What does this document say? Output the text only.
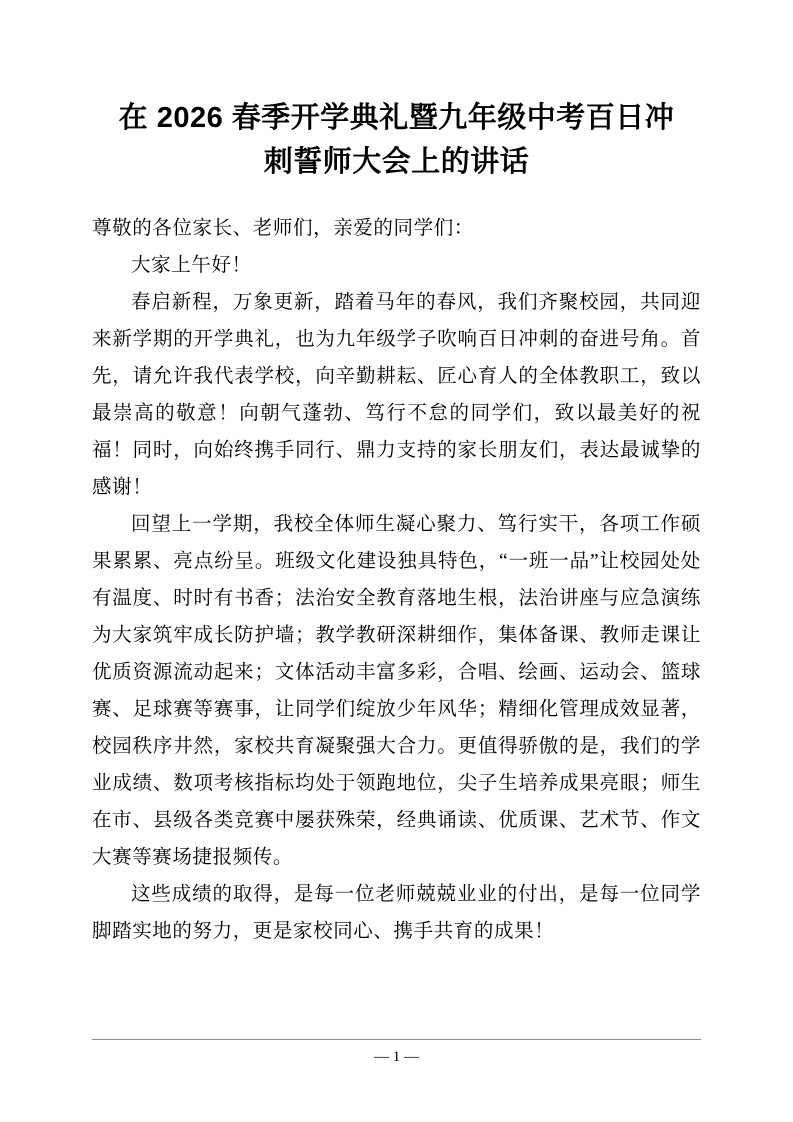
在 2026 春季开学典礼暨九年级中考百日冲刺誓师大会上的讲话

尊敬的各位家长、老师们，亲爱的同学们：

大家上午好！

春启新程，万象更新，踏着马年的春风，我们齐聚校园，共同迎来新学期的开学典礼，也为九年级学子吹响百日冲刺的奋进号角。首先，请允许我代表学校，向辛勤耕耘、匠心育人的全体教职工，致以最崇高的敬意！向朝气蓬勃、笃行不怠的同学们，致以最美好的祝福！同时，向始终携手同行、鼎力支持的家长朋友们，表达最诚挚的感谢！

回望上一学期，我校全体师生凝心聚力、笃行实干，各项工作硕果累累、亮点纷呈。班级文化建设独具特色，“一班一品”让校园处处有温度、时时有书香；法治安全教育落地生根，法治讲座与应急演练为大家筑牢成长防护墙；教学教研深耕细作，集体备课、教师走课让优质资源流动起来；文体活动丰富多彩，合唱、绘画、运动会、篮球赛、足球赛等赛事，让同学们绽放少年风华；精细化管理成效显著，校园秩序井然，家校共育凝聚强大合力。更值得骄傲的是，我们的学业成绩、数项考核指标均处于领跑地位，尖子生培养成果亮眼；师生在市、县级各类竞赛中屡获殊荣，经典诵读、优质课、艺术节、作文大赛等赛场捷报频传。

这些成绩的取得，是每一位老师兢兢业业的付出，是每一位同学脚踏实地的努力，更是家校同心、携手共育的成果！

— 1 —
